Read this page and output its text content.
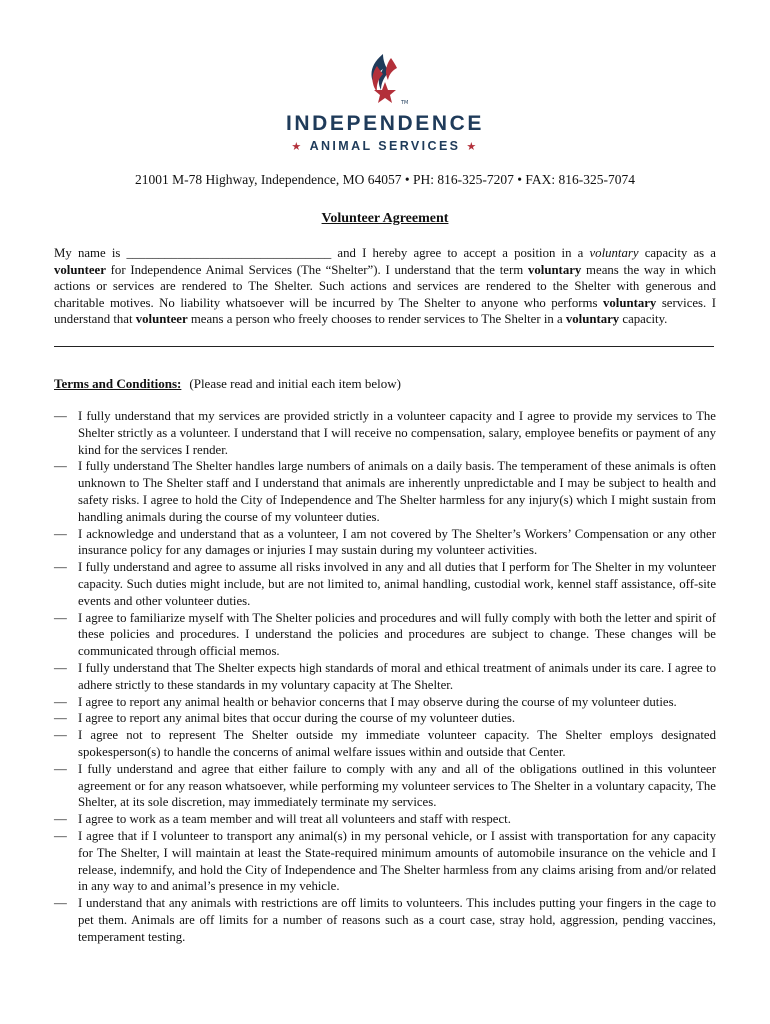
TM
INDEPENDENCE
★ ANIMAL SERVICES ★
21001 M-78 Highway, Independence, MO 64057 • PH: 816-325-7207 • FAX: 816-325-7074
Volunteer Agreement
My name is ________________________________ and I hereby agree to accept a position in a voluntary capacity as a volunteer for Independence Animal Services (The “Shelter”). I understand that the term voluntary means the way in which actions or services are rendered to The Shelter. Such actions and services are rendered to the Shelter with generous and charitable motives. No liability whatsoever will be incurred by The Shelter to anyone who performs voluntary services. I understand that volunteer means a person who freely chooses to render services to The Shelter in a voluntary capacity.
Terms and Conditions: (Please read and initial each item below)
— I fully understand that my services are provided strictly in a volunteer capacity and I agree to provide my services to The Shelter strictly as a volunteer. I understand that I will receive no compensation, salary, employee benefits or payment of any kind for the services I render.
— I fully understand The Shelter handles large numbers of animals on a daily basis. The temperament of these animals is often unknown to The Shelter staff and I understand that animals are inherently unpredictable and I may be subject to health and safety risks. I agree to hold the City of Independence and The Shelter harmless for any injury(s) which I might sustain from handling animals during the course of my volunteer duties.
— I acknowledge and understand that as a volunteer, I am not covered by The Shelter’s Workers’ Compensation or any other insurance policy for any damages or injuries I may sustain during my volunteer activities.
— I fully understand and agree to assume all risks involved in any and all duties that I perform for The Shelter in my volunteer capacity. Such duties might include, but are not limited to, animal handling, custodial work, kennel staff assistance, off-site events and other volunteer duties.
— I agree to familiarize myself with The Shelter policies and procedures and will fully comply with both the letter and spirit of these policies and procedures. I understand the policies and procedures are subject to change. These changes will be communicated through official memos.
— I fully understand that The Shelter expects high standards of moral and ethical treatment of animals under its care. I agree to adhere strictly to these standards in my voluntary capacity at The Shelter.
— I agree to report any animal health or behavior concerns that I may observe during the course of my volunteer duties.
— I agree to report any animal bites that occur during the course of my volunteer duties.
— I agree not to represent The Shelter outside my immediate volunteer capacity. The Shelter employs designated spokesperson(s) to handle the concerns of animal welfare issues within and outside that Center.
— I fully understand and agree that either failure to comply with any and all of the obligations outlined in this volunteer agreement or for any reason whatsoever, while performing my volunteer services to The Shelter in a voluntary capacity, The Shelter, at its sole discretion, may immediately terminate my services.
— I agree to work as a team member and will treat all volunteers and staff with respect.
— I agree that if I volunteer to transport any animal(s) in my personal vehicle, or I assist with transportation for any capacity for The Shelter, I will maintain at least the State-required minimum amounts of automobile insurance on the vehicle and I release, indemnify, and hold the City of Independence and The Shelter harmless from any claims arising from and/or related in any way to and animal’s presence in my vehicle.
— I understand that any animals with restrictions are off limits to volunteers. This includes putting your fingers in the cage to pet them. Animals are off limits for a number of reasons such as a court case, stray hold, aggression, pending vaccines, temperament testing.
